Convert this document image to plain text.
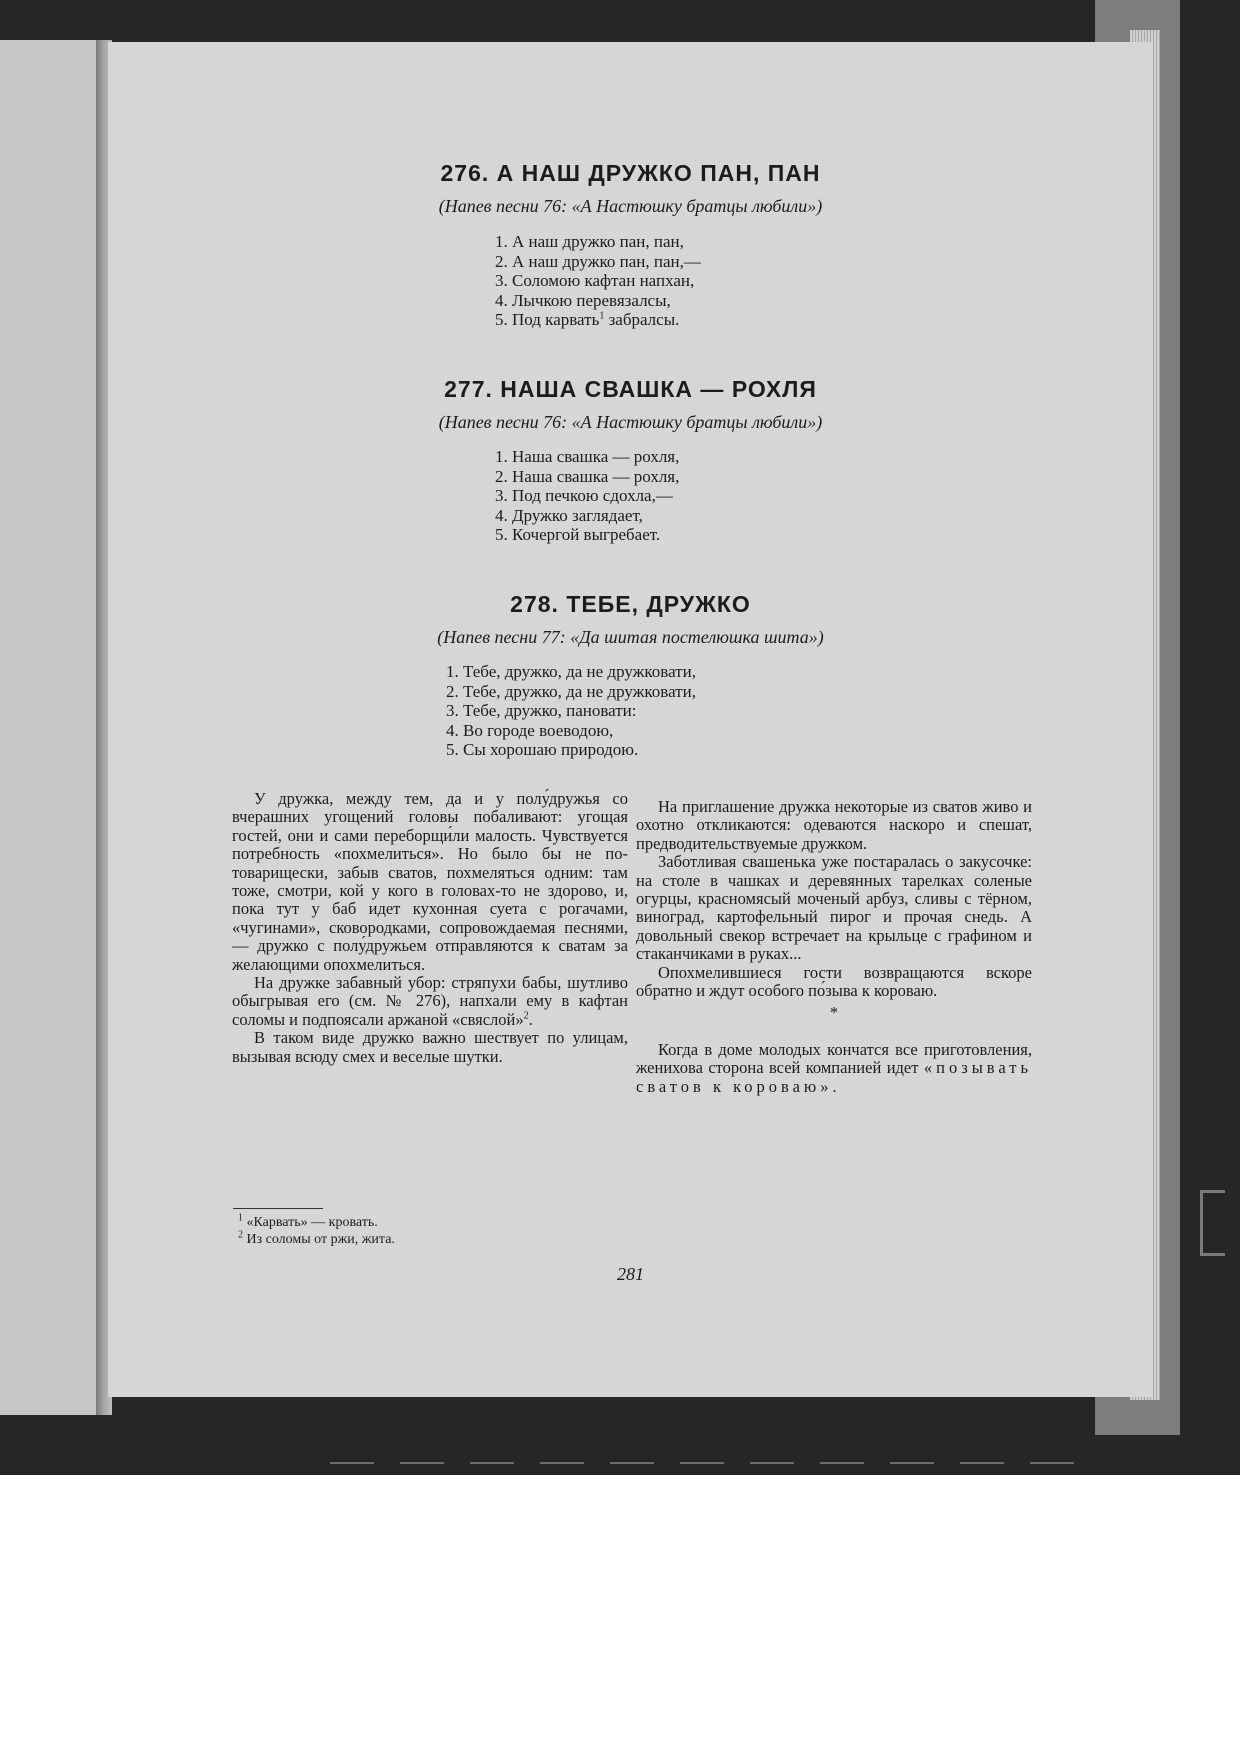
276. А НАШ ДРУЖКО ПАН, ПАН
(Напев песни 76: «А Настюшку братцы любили»)
1. А наш дружко пан, пан,
2. А наш дружко пан, пан,—
3. Соломою кафтан напхан,
4. Лычкою перевязалсы,
5. Под карвать$^1$ забралсы.
277. НАША СВАШКА — РОХЛЯ
(Напев песни 76: «А Настюшку братцы любили»)
1. Наша свашка — рохля,
2. Наша свашка — рохля,
3. Под печкою сдохла,—
4. Дружко заглядает,
5. Кочергой выгребает.
278. ТЕБЕ, ДРУЖКО
(Напев песни 77: «Да шитая постелюшка шита»)
1. Тебе, дружко, да не дружковати,
2. Тебе, дружко, да не дружковати,
3. Тебе, дружко, пановати:
4. Во городе воеводою,
5. Сы хорошаю природою.

У дружка, между тем, да и у полу́дружья со вчерашних угощений головы побаливают: угощая гостей, они и сами переборщи́ли малость. Чувствуется потребность «похмелиться». Но было бы не по-товарищески, забыв сватов, похмеляться одним: там тоже, смотри, кой у кого в головах-то не здорово, и, пока тут у баб идет кухонная суета с рогачами, «чугинами», сковородками, сопровождаемая песнями,— дружко с полу́дружьем отправляются к сватам за желающими опохмелиться.

На дружке забавный убор: стряпухи бабы, шутливо обыгрывая его (см. № 276), напхали ему в кафтан соломы и подпоясали аржаной «свяслой»$^2$.

В таком виде дружко важно шествует по улицам, вызывая всюду смех и веселые шутки.

На приглашение дружка некоторые из сватов живо и охотно откликаются: одеваются наскоро и спешат, предводительствуемые дружком.

Заботливая свашенька уже постаралась о закусочке: на столе в чашках и деревянных тарелках соленые огурцы, красномясый моченый арбуз, сливы с тёрном, виноград, картофельный пирог и прочая снедь. А довольный свекор встречает на крыльце с графином и стаканчиками в руках...

Опохмелившиеся гости возвращаются вскоре обратно и ждут особого по́зыва к короваю.

*

Когда в доме молодых кончатся все приготовления, женихова сторона всей компанией идет «позывать сватов к короваю».

$^1$ «Карвать» — кровать.
$^2$ Из соломы от ржи, жита.
281
